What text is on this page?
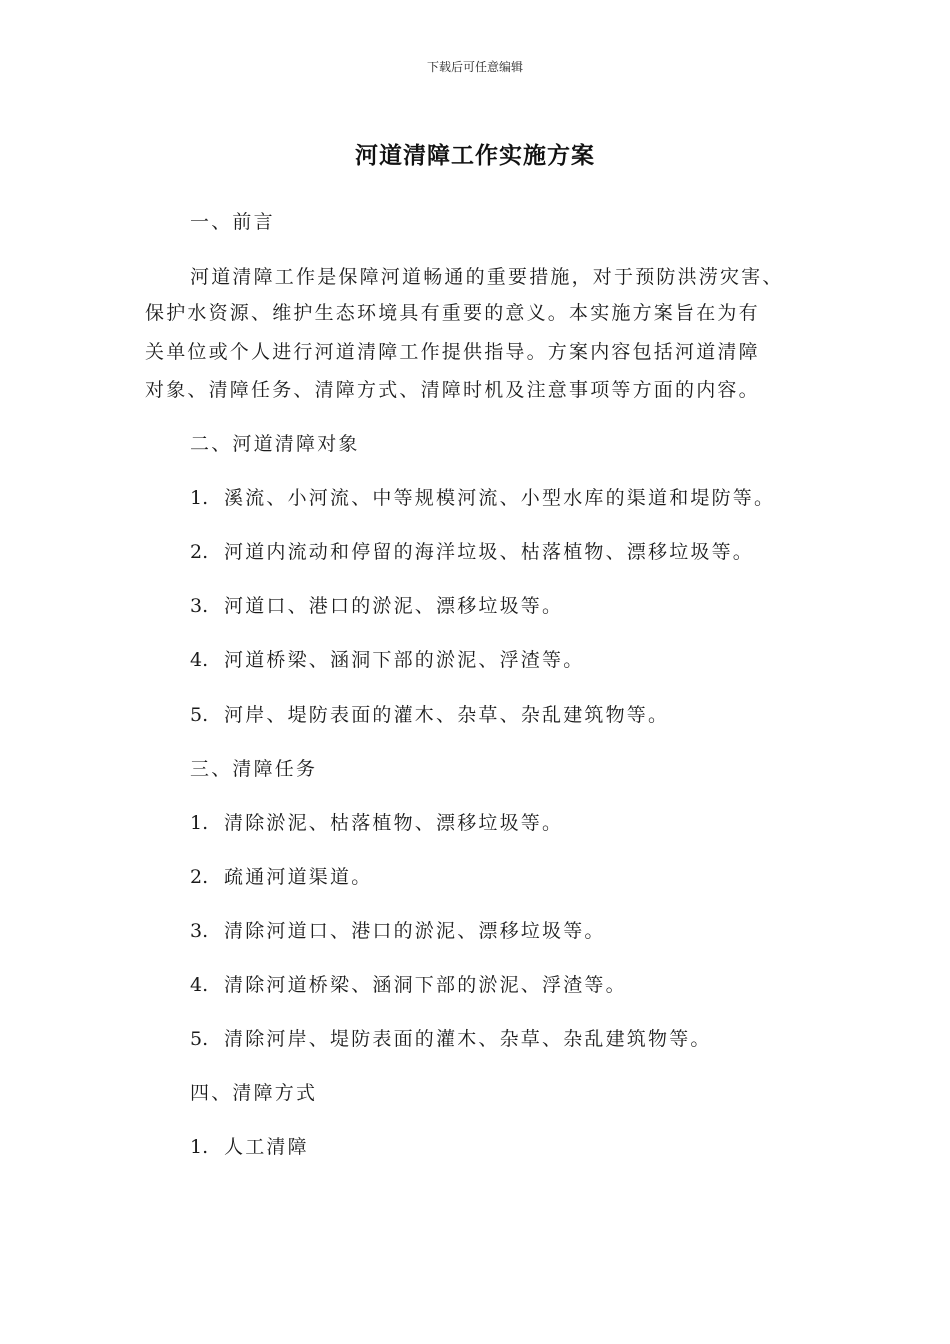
下载后可任意编辑
河道清障工作实施方案
一、前言
河道清障工作是保障河道畅通的重要措施，对于预防洪涝灾害、
保护水资源、维护生态环境具有重要的意义。本实施方案旨在为有
关单位或个人进行河道清障工作提供指导。方案内容包括河道清障
对象、清障任务、清障方式、清障时机及注意事项等方面的内容。
二、河道清障对象
1. 溪流、小河流、中等规模河流、小型水库的渠道和堤防等。
2. 河道内流动和停留的海洋垃圾、枯落植物、漂移垃圾等。
3. 河道口、港口的淤泥、漂移垃圾等。
4. 河道桥梁、涵洞下部的淤泥、浮渣等。
5. 河岸、堤防表面的灌木、杂草、杂乱建筑物等。
三、清障任务
1. 清除淤泥、枯落植物、漂移垃圾等。
2. 疏通河道渠道。
3. 清除河道口、港口的淤泥、漂移垃圾等。
4. 清除河道桥梁、涵洞下部的淤泥、浮渣等。
5. 清除河岸、堤防表面的灌木、杂草、杂乱建筑物等。
四、清障方式
1. 人工清障
